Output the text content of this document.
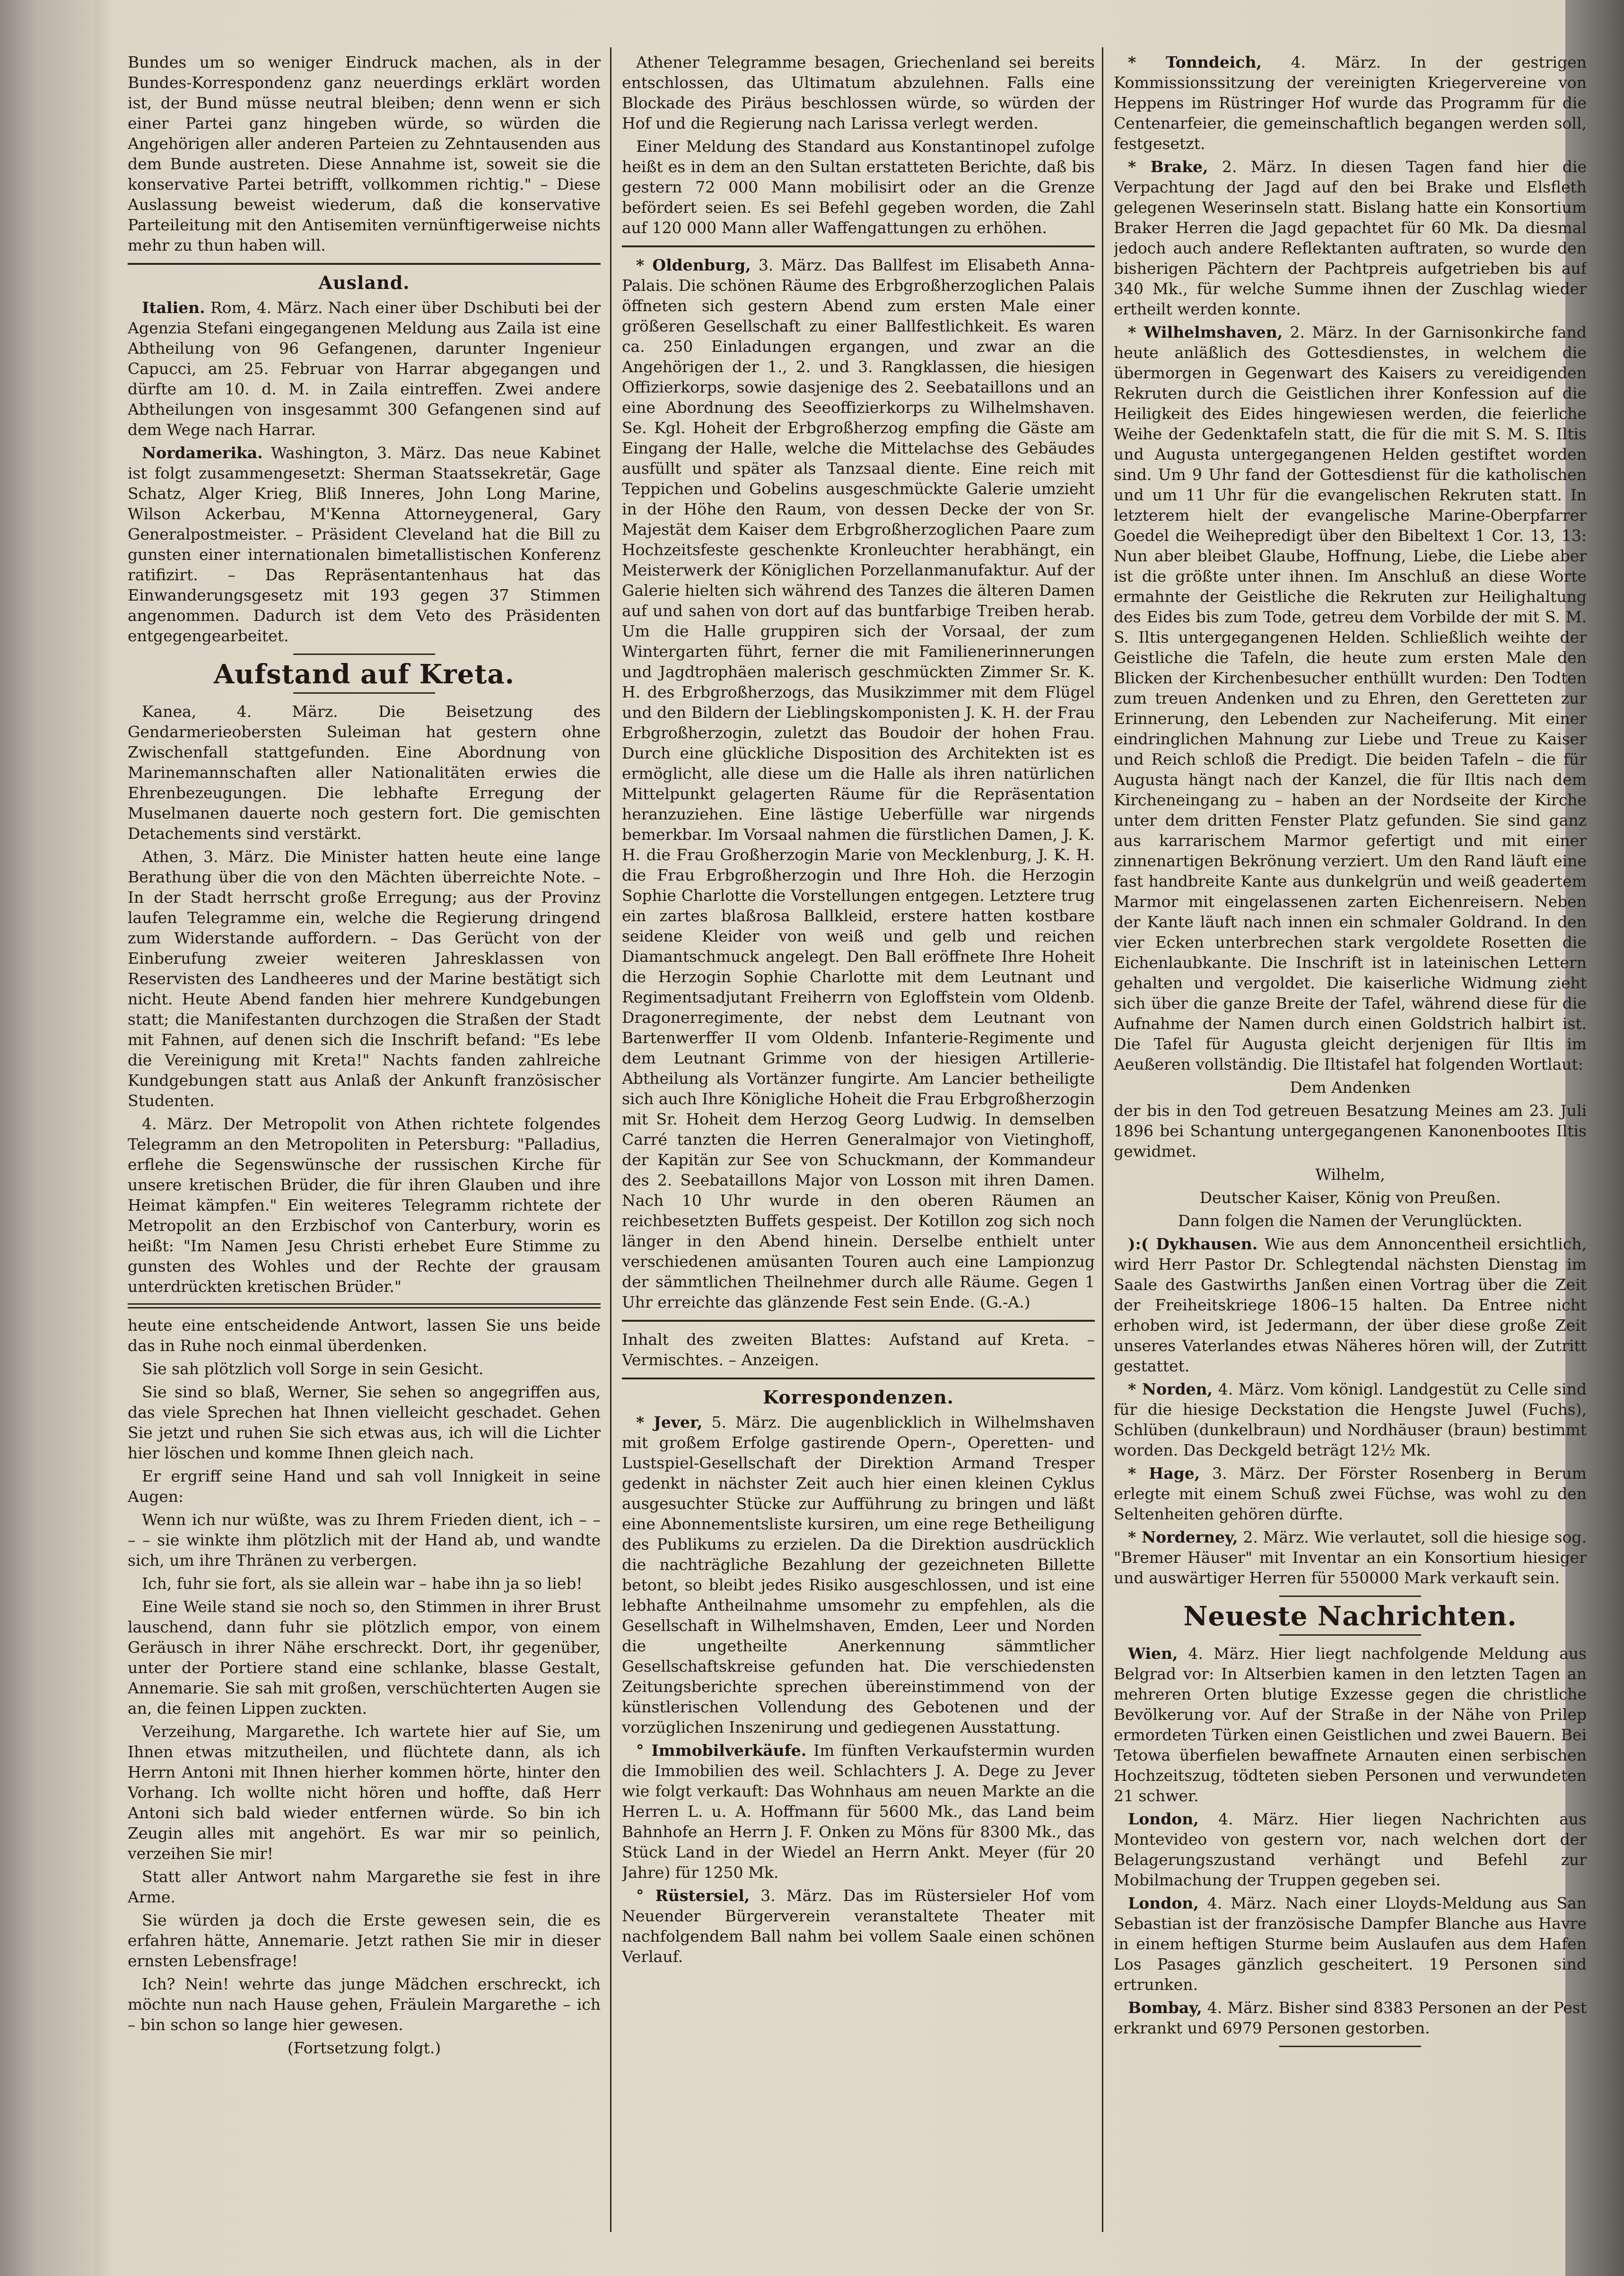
Bundes um so weniger Eindruck machen, als in der Bundes-Korrespondenz ganz neuerdings erklärt worden ist, der Bund müsse neutral bleiben; denn wenn er sich einer Partei ganz hingeben würde, so würden die Angehörigen aller anderen Parteien zu Zehntausenden aus dem Bunde austreten. Diese Annahme ist, soweit sie die konservative Partei betrifft, vollkommen richtig." – Diese Auslassung beweist wiederum, daß die konservative Parteileitung mit den Antisemiten vernünftigerweise nichts mehr zu thun haben will.

Ausland.

Italien. Rom, 4. März. Nach einer über Dschibuti bei der Agenzia Stefani eingegangenen Meldung aus Zaila ist eine Abtheilung von 96 Gefangenen, darunter Ingenieur Capucci, am 25. Februar von Harrar abgegangen und dürfte am 10. d. M. in Zaila eintreffen. Zwei andere Abtheilungen von insgesammt 300 Gefangenen sind auf dem Wege nach Harrar.

Nordamerika. Washington, 3. März. Das neue Kabinet ist folgt zusammengesetzt: Sherman Staatssekretär, Gage Schatz, Alger Krieg, Bliß Inneres, John Long Marine, Wilson Ackerbau, M'Kenna Attorneygeneral, Gary Generalpostmeister. – Präsident Cleveland hat die Bill zu gunsten einer internationalen bimetallistischen Konferenz ratifizirt. – Das Repräsentantenhaus hat das Einwanderungsgesetz mit 193 gegen 37 Stimmen angenommen. Dadurch ist dem Veto des Präsidenten entgegengearbeitet.

Aufstand auf Kreta.

Kanea, 4. März. Die Beisetzung des Gendarmerieobersten Suleiman hat gestern ohne Zwischenfall stattgefunden. Eine Abordnung von Marinemannschaften aller Nationalitäten erwies die Ehrenbezeugungen. Die lebhafte Erregung der Muselmanen dauerte noch gestern fort. Die gemischten Detachements sind verstärkt.

Athen, 3. März. Die Minister hatten heute eine lange Berathung über die von den Mächten überreichte Note. – In der Stadt herrscht große Erregung; aus der Provinz laufen Telegramme ein, welche die Regierung dringend zum Widerstande auffordern. – Das Gerücht von der Einberufung zweier weiteren Jahresklassen von Reservisten des Landheeres und der Marine bestätigt sich nicht. Heute Abend fanden hier mehrere Kundgebungen statt; die Manifestanten durchzogen die Straßen der Stadt mit Fahnen, auf denen sich die Inschrift befand: "Es lebe die Vereinigung mit Kreta!" Nachts fanden zahlreiche Kundgebungen statt aus Anlaß der Ankunft französischer Studenten.

4. März. Der Metropolit von Athen richtete folgendes Telegramm an den Metropoliten in Petersburg: "Palladius, erflehe die Segenswünsche der russischen Kirche für unsere kretischen Brüder, die für ihren Glauben und ihre Heimat kämpfen." Ein weiteres Telegramm richtete der Metropolit an den Erzbischof von Canterbury, worin es heißt: "Im Namen Jesu Christi erhebet Eure Stimme zu gunsten des Wohles und der Rechte der grausam unterdrückten kretischen Brüder."

heute eine entscheidende Antwort, lassen Sie uns beide das in Ruhe noch einmal überdenken.

Sie sah plötzlich voll Sorge in sein Gesicht.

Sie sind so blaß, Werner, Sie sehen so angegriffen aus, das viele Sprechen hat Ihnen vielleicht geschadet. Gehen Sie jetzt und ruhen Sie sich etwas aus, ich will die Lichter hier löschen und komme Ihnen gleich nach.

Er ergriff seine Hand und sah voll Innigkeit in seine Augen:

Wenn ich nur wüßte, was zu Ihrem Frieden dient, ich – – – – sie winkte ihm plötzlich mit der Hand ab, und wandte sich, um ihre Thränen zu verbergen.

Ich, fuhr sie fort, als sie allein war – habe ihn ja so lieb!

Eine Weile stand sie noch so, den Stimmen in ihrer Brust lauschend, dann fuhr sie plötzlich empor, von einem Geräusch in ihrer Nähe erschreckt. Dort, ihr gegenüber, unter der Portiere stand eine schlanke, blasse Gestalt, Annemarie. Sie sah mit großen, verschüchterten Augen sie an, die feinen Lippen zuckten.

Verzeihung, Margarethe. Ich wartete hier auf Sie, um Ihnen etwas mitzutheilen, und flüchtete dann, als ich Herrn Antoni mit Ihnen hierher kommen hörte, hinter den Vorhang. Ich wollte nicht hören und hoffte, daß Herr Antoni sich bald wieder entfernen würde. So bin ich Zeugin alles mit angehört. Es war mir so peinlich, verzeihen Sie mir!

Statt aller Antwort nahm Margarethe sie fest in ihre Arme.

Sie würden ja doch die Erste gewesen sein, die es erfahren hätte, Annemarie. Jetzt rathen Sie mir in dieser ernsten Lebensfrage!

Ich? Nein! wehrte das junge Mädchen erschreckt, ich möchte nun nach Hause gehen, Fräulein Margarethe – ich – bin schon so lange hier gewesen.

(Fortsetzung folgt.)

Athener Telegramme besagen, Griechenland sei bereits entschlossen, das Ultimatum abzulehnen. Falls eine Blockade des Piräus beschlossen würde, so würden der Hof und die Regierung nach Larissa verlegt werden.

Einer Meldung des Standard aus Konstantinopel zufolge heißt es in dem an den Sultan erstatteten Berichte, daß bis gestern 72 000 Mann mobilisirt oder an die Grenze befördert seien. Es sei Befehl gegeben worden, die Zahl auf 120 000 Mann aller Waffengattungen zu erhöhen.

* Oldenburg, 3. März. Das Ballfest im Elisabeth Anna-Palais. Die schönen Räume des Erbgroßherzoglichen Palais öffneten sich gestern Abend zum ersten Male einer größeren Gesellschaft zu einer Ballfestlichkeit. Es waren ca. 250 Einladungen ergangen, und zwar an die Angehörigen der 1., 2. und 3. Rangklassen, die hiesigen Offizierkorps, sowie dasjenige des 2. Seebataillons und an eine Abordnung des Seeoffizierkorps zu Wilhelmshaven. Se. Kgl. Hoheit der Erbgroßherzog empfing die Gäste am Eingang der Halle, welche die Mittelachse des Gebäudes ausfüllt und später als Tanzsaal diente. Eine reich mit Teppichen und Gobelins ausgeschmückte Galerie umzieht in der Höhe den Raum, von dessen Decke der von Sr. Majestät dem Kaiser dem Erbgroßherzoglichen Paare zum Hochzeitsfeste geschenkte Kronleuchter herabhängt, ein Meisterwerk der Königlichen Porzellanmanufaktur. Auf der Galerie hielten sich während des Tanzes die älteren Damen auf und sahen von dort auf das buntfarbige Treiben herab. Um die Halle gruppiren sich der Vorsaal, der zum Wintergarten führt, ferner die mit Familienerinnerungen und Jagdtrophäen malerisch geschmückten Zimmer Sr. K. H. des Erbgroßherzogs, das Musikzimmer mit dem Flügel und den Bildern der Lieblingskomponisten J. K. H. der Frau Erbgroßherzogin, zuletzt das Boudoir der hohen Frau. Durch eine glückliche Disposition des Architekten ist es ermöglicht, alle diese um die Halle als ihren natürlichen Mittelpunkt gelagerten Räume für die Repräsentation heranzuziehen. Eine lästige Ueberfülle war nirgends bemerkbar. Im Vorsaal nahmen die fürstlichen Damen, J. K. H. die Frau Großherzogin Marie von Mecklenburg, J. K. H. die Frau Erbgroßherzogin und Ihre Hoh. die Herzogin Sophie Charlotte die Vorstellungen entgegen. Letztere trug ein zartes blaßrosa Ballkleid, erstere hatten kostbare seidene Kleider von weiß und gelb und reichen Diamantschmuck angelegt. Den Ball eröffnete Ihre Hoheit die Herzogin Sophie Charlotte mit dem Leutnant und Regimentsadjutant Freiherrn von Egloffstein vom Oldenb. Dragonerregimente, der nebst dem Leutnant von Bartenwerffer II vom Oldenb. Infanterie-Regimente und dem Leutnant Grimme von der hiesigen Artillerie-Abtheilung als Vortänzer fungirte. Am Lancier betheiligte sich auch Ihre Königliche Hoheit die Frau Erbgroßherzogin mit Sr. Hoheit dem Herzog Georg Ludwig. In demselben Carré tanzten die Herren Generalmajor von Vietinghoff, der Kapitän zur See von Schuckmann, der Kommandeur des 2. Seebataillons Major von Losson mit ihren Damen. Nach 10 Uhr wurde in den oberen Räumen an reichbesetzten Buffets gespeist. Der Kotillon zog sich noch länger in den Abend hinein. Derselbe enthielt unter verschiedenen amüsanten Touren auch eine Lampionzug der sämmtlichen Theilnehmer durch alle Räume. Gegen 1 Uhr erreichte das glänzende Fest sein Ende. (G.-A.)

Inhalt des zweiten Blattes: Aufstand auf Kreta. – Vermischtes. – Anzeigen.

Korrespondenzen.

* Jever, 5. März. Die augenblicklich in Wilhelmshaven mit großem Erfolge gastirende Opern-, Operetten- und Lustspiel-Gesellschaft der Direktion Armand Tresper gedenkt in nächster Zeit auch hier einen kleinen Cyklus ausgesuchter Stücke zur Aufführung zu bringen und läßt eine Abonnementsliste kursiren, um eine rege Betheiligung des Publikums zu erzielen. Da die Direktion ausdrücklich die nachträgliche Bezahlung der gezeichneten Billette betont, so bleibt jedes Risiko ausgeschlossen, und ist eine lebhafte Antheilnahme umsomehr zu empfehlen, als die Gesellschaft in Wilhelmshaven, Emden, Leer und Norden die ungetheilte Anerkennung sämmtlicher Gesellschaftskreise gefunden hat. Die verschiedensten Zeitungsberichte sprechen übereinstimmend von der künstlerischen Vollendung des Gebotenen und der vorzüglichen Inszenirung und gediegenen Ausstattung.

° Immobilverkäufe. Im fünften Verkaufstermin wurden die Immobilien des weil. Schlachters J. A. Dege zu Jever wie folgt verkauft: Das Wohnhaus am neuen Markte an die Herren L. u. A. Hoffmann für 5600 Mk., das Land beim Bahnhofe an Herrn J. F. Onken zu Möns für 8300 Mk., das Stück Land in der Wiedel an Herrn Ankt. Meyer (für 20 Jahre) für 1250 Mk.

° Rüstersiel, 3. März. Das im Rüstersieler Hof vom Neuender Bürgerverein veranstaltete Theater mit nachfolgendem Ball nahm bei vollem Saale einen schönen Verlauf.

* Tonndeich, 4. März. In der gestrigen Kommissionssitzung der vereinigten Kriegervereine von Heppens im Rüstringer Hof wurde das Programm für die Centenarfeier, die gemeinschaftlich begangen werden soll, festgesetzt.

* Brake, 2. März. In diesen Tagen fand hier die Verpachtung der Jagd auf den bei Brake und Elsfleth gelegenen Weserinseln statt. Bislang hatte ein Konsortium Braker Herren die Jagd gepachtet für 60 Mk. Da diesmal jedoch auch andere Reflektanten auftraten, so wurde den bisherigen Pächtern der Pachtpreis aufgetrieben bis auf 340 Mk., für welche Summe ihnen der Zuschlag wieder ertheilt werden konnte.

* Wilhelmshaven, 2. März. In der Garnisonkirche fand heute anläßlich des Gottesdienstes, in welchem die übermorgen in Gegenwart des Kaisers zu vereidigenden Rekruten durch die Geistlichen ihrer Konfession auf die Heiligkeit des Eides hingewiesen werden, die feierliche Weihe der Gedenktafeln statt, die für die mit S. M. S. Iltis und Augusta untergegangenen Helden gestiftet worden sind. Um 9 Uhr fand der Gottesdienst für die katholischen und um 11 Uhr für die evangelischen Rekruten statt. In letzterem hielt der evangelische Marine-Oberpfarrer Goedel die Weihepredigt über den Bibeltext 1 Cor. 13, 13: Nun aber bleibet Glaube, Hoffnung, Liebe, die Liebe aber ist die größte unter ihnen. Im Anschluß an diese Worte ermahnte der Geistliche die Rekruten zur Heilighaltung des Eides bis zum Tode, getreu dem Vorbilde der mit S. M. S. Iltis untergegangenen Helden. Schließlich weihte der Geistliche die Tafeln, die heute zum ersten Male den Blicken der Kirchenbesucher enthüllt wurden: Den Todten zum treuen Andenken und zu Ehren, den Geretteten zur Erinnerung, den Lebenden zur Nacheiferung. Mit einer eindringlichen Mahnung zur Liebe und Treue zu Kaiser und Reich schloß die Predigt. Die beiden Tafeln – die für Augusta hängt nach der Kanzel, die für Iltis nach dem Kircheneingang zu – haben an der Nordseite der Kirche unter dem dritten Fenster Platz gefunden. Sie sind ganz aus karrarischem Marmor gefertigt und mit einer zinnenartigen Bekrönung verziert. Um den Rand läuft eine fast handbreite Kante aus dunkelgrün und weiß geadertem Marmor mit eingelassenen zarten Eichenreisern. Neben der Kante läuft nach innen ein schmaler Goldrand. In den vier Ecken unterbrechen stark vergoldete Rosetten die Eichenlaubkante. Die Inschrift ist in lateinischen Lettern gehalten und vergoldet. Die kaiserliche Widmung zieht sich über die ganze Breite der Tafel, während diese für die Aufnahme der Namen durch einen Goldstrich halbirt ist. Die Tafel für Augusta gleicht derjenigen für Iltis im Aeußeren vollständig. Die Iltistafel hat folgenden Wortlaut:

Dem Andenken

der bis in den Tod getreuen Besatzung Meines am 23. Juli 1896 bei Schantung untergegangenen Kanonenbootes Iltis gewidmet.

Wilhelm,

Deutscher Kaiser, König von Preußen.

Dann folgen die Namen der Verunglückten.

):( Dykhausen. Wie aus dem Annoncentheil ersichtlich, wird Herr Pastor Dr. Schlegtendal nächsten Dienstag im Saale des Gastwirths Janßen einen Vortrag über die Zeit der Freiheitskriege 1806–15 halten. Da Entree nicht erhoben wird, ist Jedermann, der über diese große Zeit unseres Vaterlandes etwas Näheres hören will, der Zutritt gestattet.

* Norden, 4. März. Vom königl. Landgestüt zu Celle sind für die hiesige Deckstation die Hengste Juwel (Fuchs), Schlüben (dunkelbraun) und Nordhäuser (braun) bestimmt worden. Das Deckgeld beträgt 12½ Mk.

* Hage, 3. März. Der Förster Rosenberg in Berum erlegte mit einem Schuß zwei Füchse, was wohl zu den Seltenheiten gehören dürfte.

* Norderney, 2. März. Wie verlautet, soll die hiesige sog. "Bremer Häuser" mit Inventar an ein Konsortium hiesiger und auswärtiger Herren für 550000 Mark verkauft sein.

Neueste Nachrichten.

Wien, 4. März. Hier liegt nachfolgende Meldung aus Belgrad vor: In Altserbien kamen in den letzten Tagen an mehreren Orten blutige Exzesse gegen die christliche Bevölkerung vor. Auf der Straße in der Nähe von Prilep ermordeten Türken einen Geistlichen und zwei Bauern. Bei Tetowa überfielen bewaffnete Arnauten einen serbischen Hochzeitszug, tödteten sieben Personen und verwundeten 21 schwer.

London, 4. März. Hier liegen Nachrichten aus Montevideo von gestern vor, nach welchen dort der Belagerungszustand verhängt und Befehl zur Mobilmachung der Truppen gegeben sei.

London, 4. März. Nach einer Lloyds-Meldung aus San Sebastian ist der französische Dampfer Blanche aus Havre in einem heftigen Sturme beim Auslaufen aus dem Hafen Los Pasages gänzlich gescheitert. 19 Personen sind ertrunken.

Bombay, 4. März. Bisher sind 8383 Personen an der Pest erkrankt und 6979 Personen gestorben.
